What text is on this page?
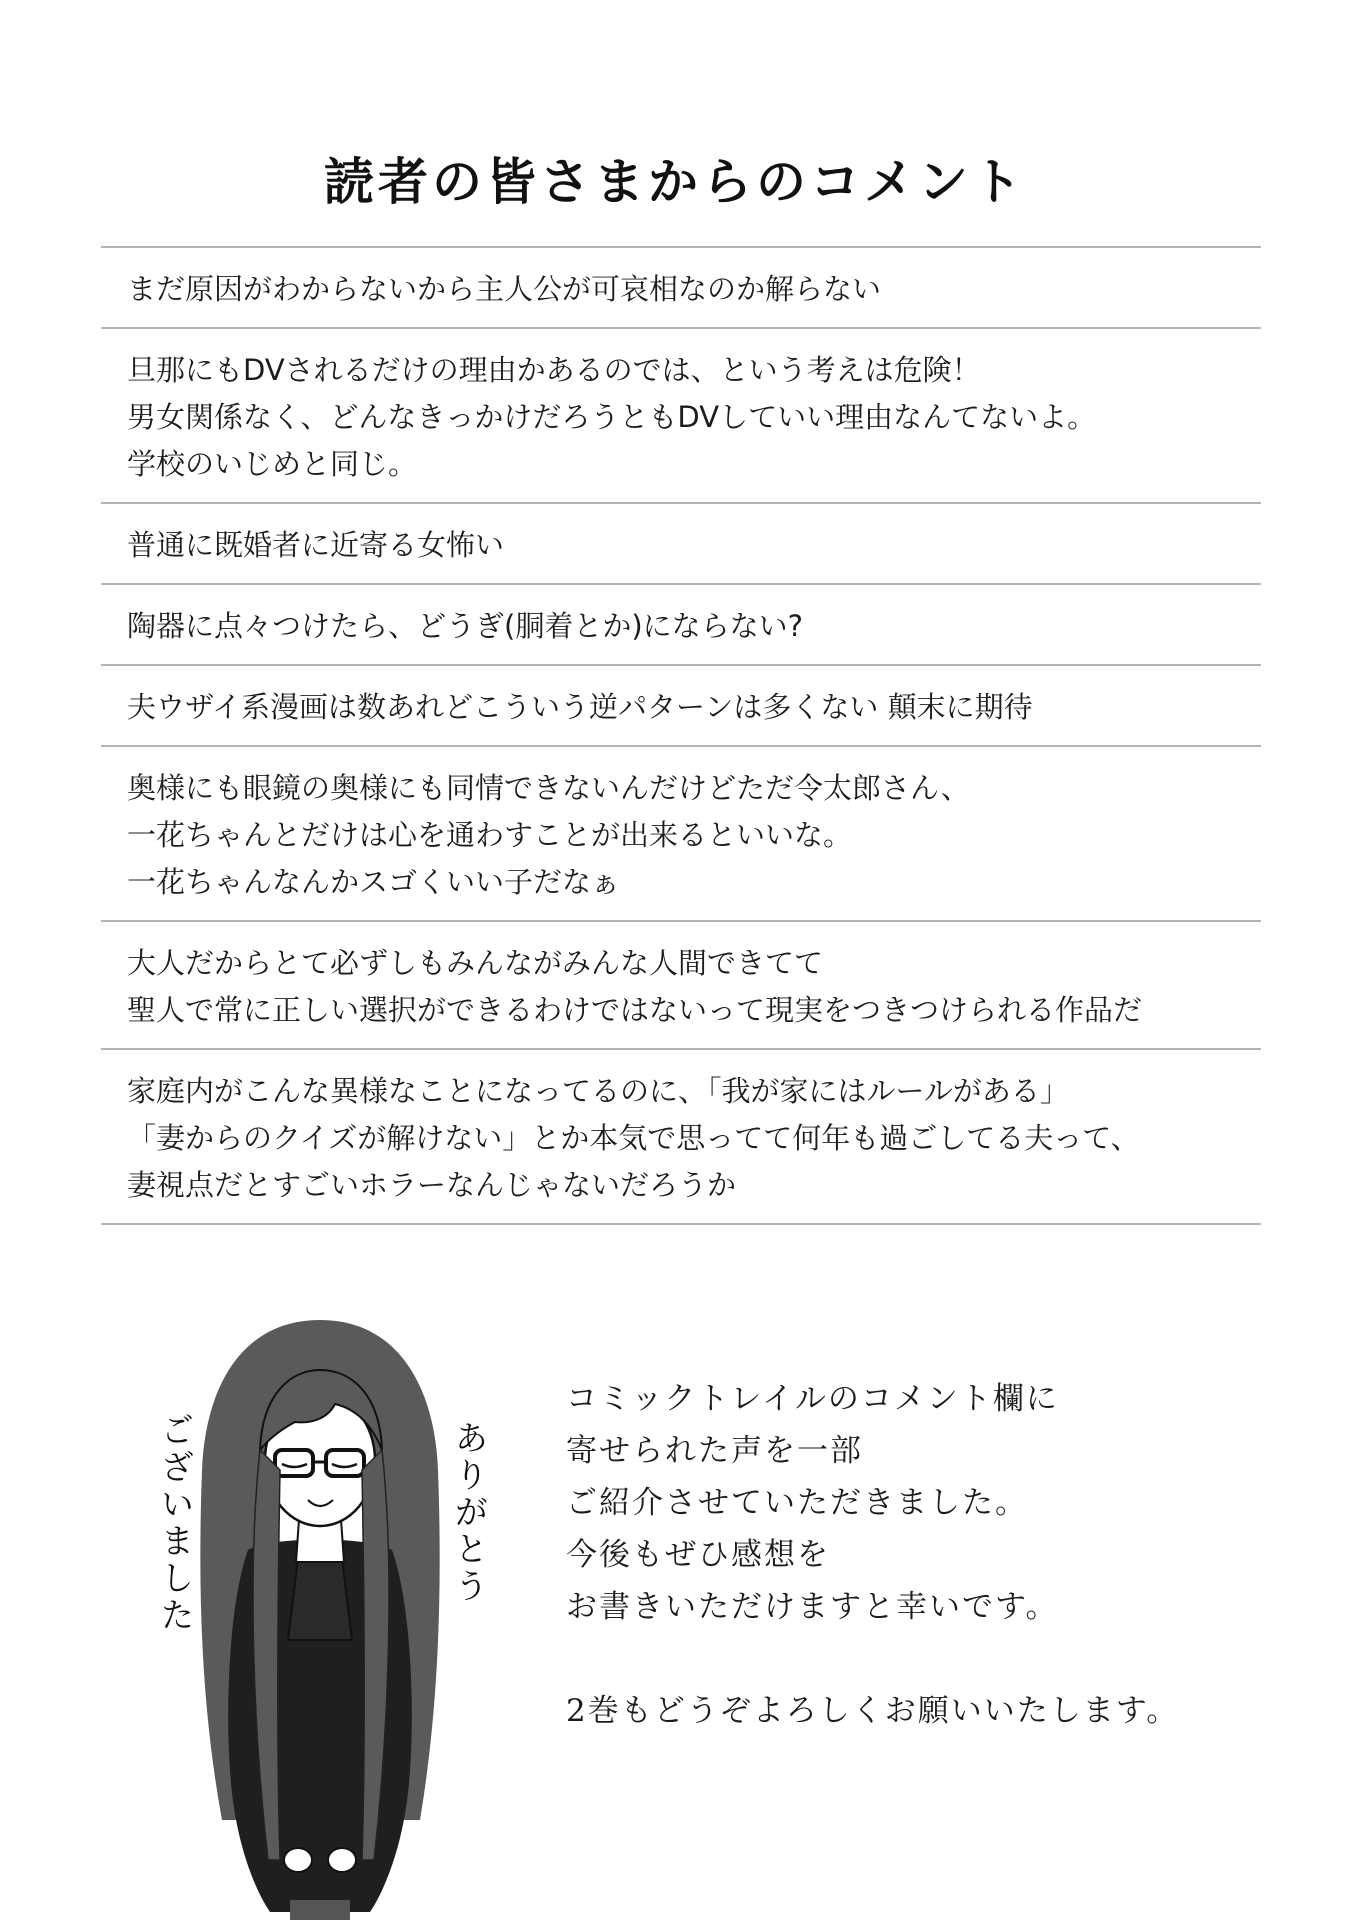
読者の皆さまからのコメント
まだ原因がわからないから主人公が可哀相なのか解らない
旦那にもDVされるだけの理由かあるのでは、という考えは危険！
男女関係なく、どんなきっかけだろうともDVしていい理由なんてないよ。
学校のいじめと同じ。
普通に既婚者に近寄る女怖い
陶器に点々つけたら、どうぎ(胴着とか)にならない?
夫ウザイ系漫画は数あれどこういう逆パターンは多くない 顛末に期待
奥様にも眼鏡の奥様にも同情できないんだけどただ令太郎さん、
一花ちゃんとだけは心を通わすことが出来るといいな。
一花ちゃんなんかスゴくいい子だなぁ
大人だからとて必ずしもみんながみんな人間できてて
聖人で常に正しい選択ができるわけではないって現実をつきつけられる作品だ
家庭内がこんな異様なことになってるのに、「我が家にはルールがある」
「妻からのクイズが解けない」とか本気で思ってて何年も過ごしてる夫って、
妻視点だとすごいホラーなんじゃないだろうか
ございました	ありがとう
コミックトレイルのコメント欄に
寄せられた声を一部
ご紹介させていただきました。
今後もぜひ感想を
お書きいただけますと幸いです。
2巻もどうぞよろしくお願いいたします。
